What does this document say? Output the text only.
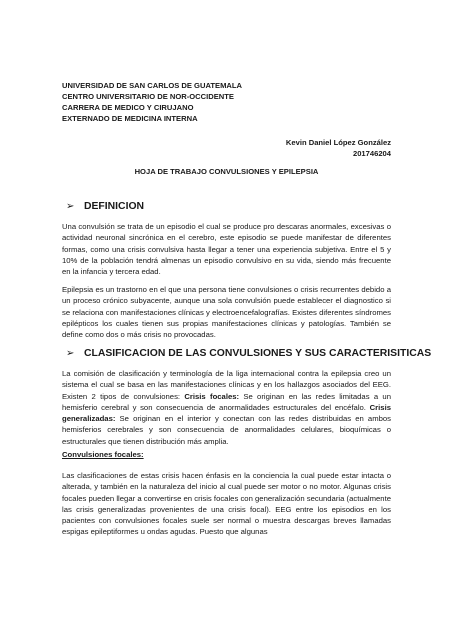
UNIVERSIDAD DE SAN CARLOS DE GUATEMALA
CENTRO UNIVERSITARIO DE NOR-OCCIDENTE
CARRERA DE MEDICO Y CIRUJANO
EXTERNADO DE MEDICINA INTERNA
Kevin Daniel López González
201746204
HOJA DE TRABAJO CONVULSIONES Y EPILEPSIA
➢ DEFINICION

Una convulsión se trata de un episodio el cual se produce pro descaras anormales, excesivas o actividad neuronal sincrónica en el cerebro, este episodio se puede manifestar de diferentes formas, como una crisis convulsiva hasta llegar a tener una experiencia subjetiva. Entre el 5 y 10% de la población tendrá almenas un episodio convulsivo en su vida, siendo más frecuente en la infancia y tercera edad.

Epilepsia es un trastorno en el que una persona tiene convulsiones o crisis recurrentes debido a un proceso crónico subyacente, aunque una sola convulsión puede establecer el diagnostico si se relaciona con manifestaciones clínicas y electroencefalografías. Existes diferentes síndromes epilépticos los cuales tienen sus propias manifestaciones clínicas y patologías. También se define como dos o más crisis no provocadas.

➢ CLASIFICACION DE LAS CONVULSIONES Y SUS CARACTERISITICAS

La comisión de clasificación y terminología de la liga internacional contra la epilepsia creo un sistema el cual se basa en las manifestaciones clínicas y en los hallazgos asociados del EEG. Existen 2 tipos de convulsiones: Crisis focales: Se originan en las redes limitadas a un hemisferio cerebral y son consecuencia de anormalidades estructurales del encéfalo. Crisis generalizadas: Se originan en el interior y conectan con las redes distribuidas en ambos hemisferios cerebrales y son consecuencia de anormalidades celulares, bioquímicas o estructurales que tienen distribución más amplia.

Convulsiones focales:

Las clasificaciones de estas crisis hacen énfasis en la conciencia la cual puede estar intacta o alterada, y también en la naturaleza del inicio al cual puede ser motor o no motor. Algunas crisis focales pueden llegar a convertirse en crisis focales con generalización secundaria (actualmente las crisis generalizadas provenientes de una crisis focal). EEG entre los episodios en los pacientes con convulsiones focales suele ser normal o muestra descargas breves llamadas espigas epileptiformes u ondas agudas. Puesto que algunas
